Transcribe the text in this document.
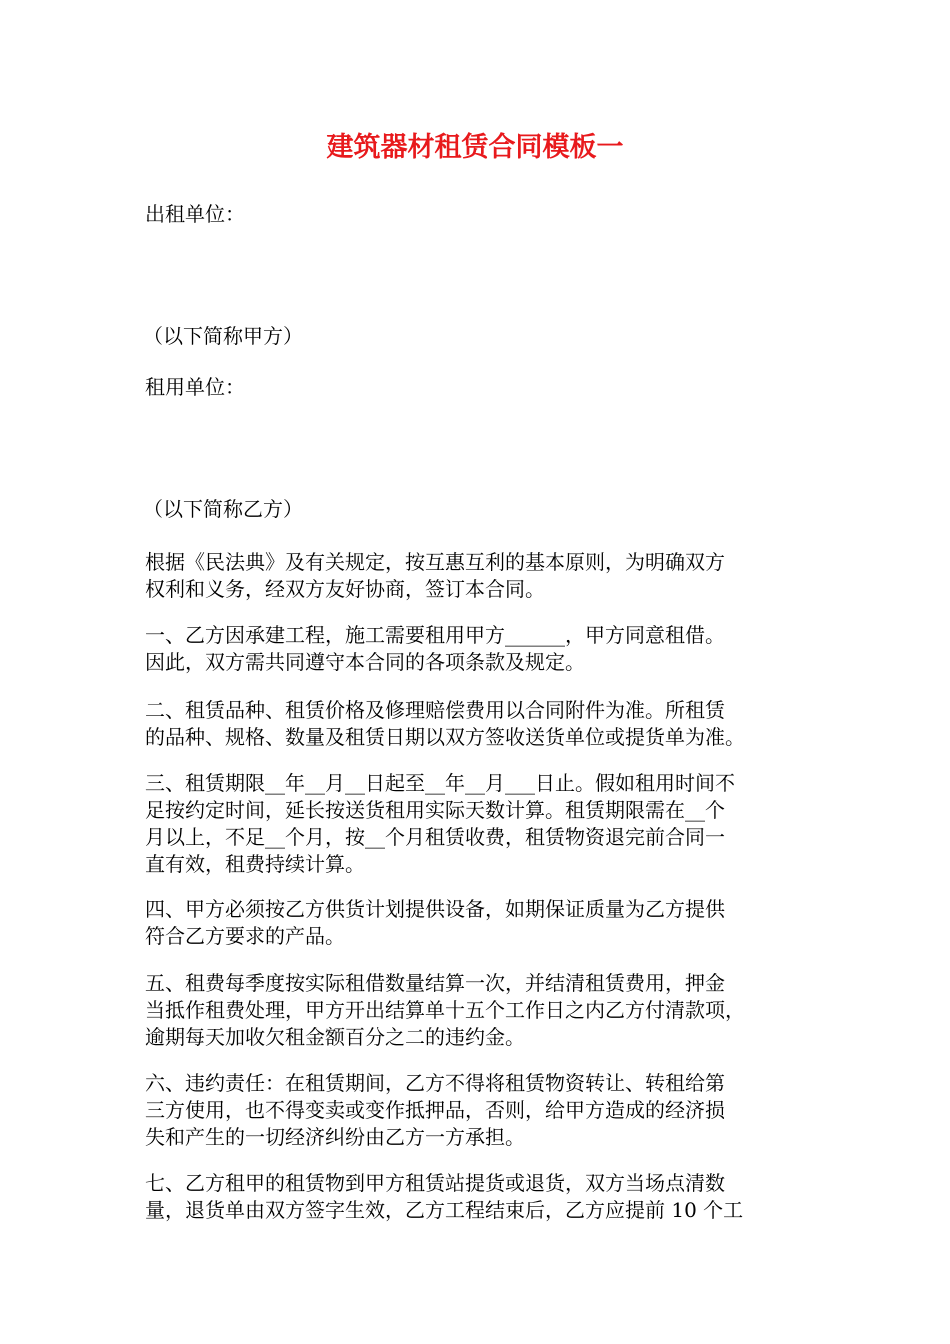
建筑器材租赁合同模板一

出租单位：

（以下简称甲方）

租用单位：

（以下简称乙方）

根据《民法典》及有关规定，按互惠互利的基本原则，为明确双方
权利和义务，经双方友好协商，签订本合同。
一、乙方因承建工程，施工需要租用甲方______，甲方同意租借。
因此，双方需共同遵守本合同的各项条款及规定。
二、租赁品种、租赁价格及修理赔偿费用以合同附件为准。所租赁
的品种、规格、数量及租赁日期以双方签收送货单位或提货单为准。
三、租赁期限__年__月__日起至__年__月___日止。假如租用时间不
足按约定时间，延长按送货租用实际天数计算。租赁期限需在__个
月以上，不足__个月，按__个月租赁收费，租赁物资退完前合同一
直有效，租费持续计算。
四、甲方必须按乙方供货计划提供设备，如期保证质量为乙方提供
符合乙方要求的产品。
五、租费每季度按实际租借数量结算一次，并结清租赁费用，押金
当抵作租费处理，甲方开出结算单十五个工作日之内乙方付清款项，
逾期每天加收欠租金额百分之二的违约金。
六、违约责任：在租赁期间，乙方不得将租赁物资转让、转租给第
三方使用，也不得变卖或变作抵押品，否则，给甲方造成的经济损
失和产生的一切经济纠纷由乙方一方承担。
七、乙方租甲的租赁物到甲方租赁站提货或退货，双方当场点清数
量，退货单由双方签字生效，乙方工程结束后，乙方应提前 10 个工
